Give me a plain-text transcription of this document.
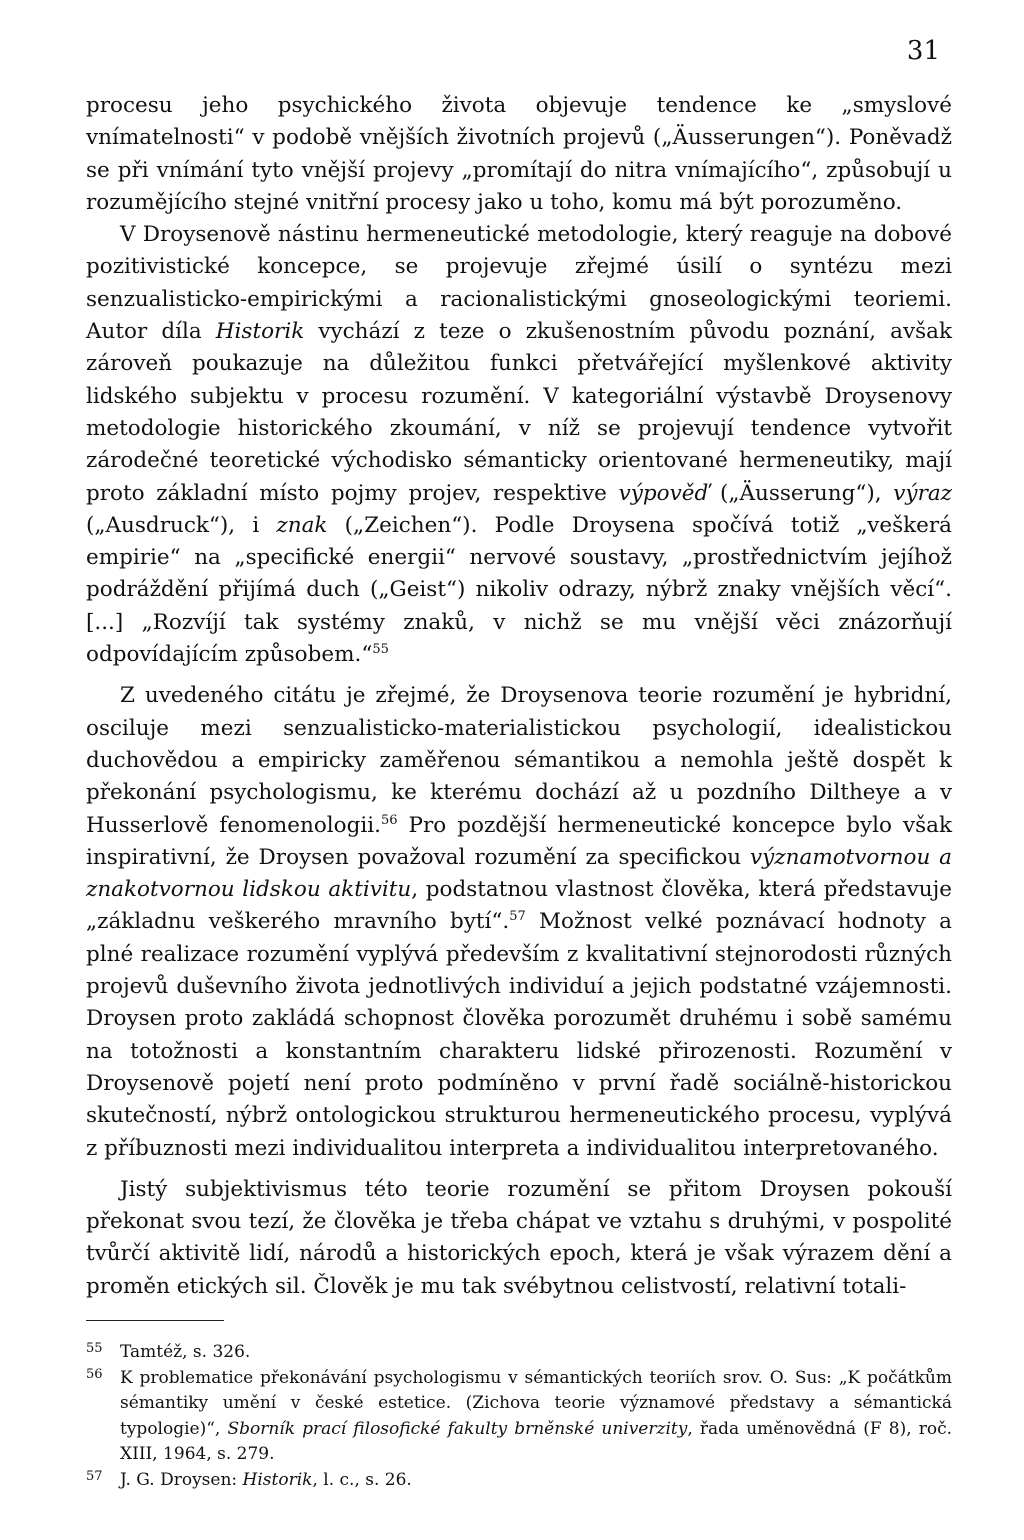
31

procesu jeho psychického života objevuje tendence ke „smyslové vnímatelnosti“ v podobě vnějších životních projevů („Äusserungen“). Poněvadž se při vnímání tyto vnější projevy „promítají do nitra vnímajícího“, způsobují u rozumějícího stejné vnitřní procesy jako u toho, komu má být porozuměno.

V Droysenově nástinu hermeneutické metodologie, který reaguje na dobové pozitivistické koncepce, se projevuje zřejmé úsilí o syntézu mezi senzualisticko-empirickými a racionalistickými gnoseologickými teoriemi. Autor díla Historik vychází z teze o zkušenostním původu poznání, avšak zároveň poukazuje na důležitou funkci přetvářející myšlenkové aktivity lidského subjektu v procesu rozumění. V kategoriální výstavbě Droysenovy metodologie historického zkoumání, v níž se projevují tendence vytvořit zárodečné teoretické východisko sémanticky orientované hermeneutiky, mají proto základní místo pojmy projev, respektive výpověď („Äusserung“), výraz („Ausdruck“), i znak („Zeichen“). Podle Droysena spočívá totiž „veškerá empirie“ na „specifické energii“ nervové soustavy, „prostřednictvím jejíhož podráždění přijímá duch („Geist“) nikoliv odrazy, nýbrž znaky vnějších věcí“.[...] „Rozvíjí tak systémy znaků, v nichž se mu vnější věci znázorňují odpovídajícím způsobem.“$^{55}$

Z uvedeného citátu je zřejmé, že Droysenova teorie rozumění je hybridní, osciluje mezi senzualisticko-materialistickou psychologií, idealistickou duchovědou a empiricky zaměřenou sémantikou a nemohla ještě dospět k překonání psychologismu, ke kterému dochází až u pozdního Diltheye a v Husserlově fenomenologii.$^{56}$ Pro pozdější hermeneutické koncepce bylo však inspirativní, že Droysen považoval rozumění za specifickou významotvornou a znakotvornou lidskou aktivitu, podstatnou vlastnost člověka, která představuje „základnu veškerého mravního bytí“.$^{57}$ Možnost velké poznávací hodnoty a plné realizace rozumění vyplývá především z kvalitativní stejnorodosti různých projevů duševního života jednotlivých individuí a jejich podstatné vzájemnosti. Droysen proto zakládá schopnost člověka porozumět druhému i sobě samému na totožnosti a konstantním charakteru lidské přirozenosti. Rozumění v Droysenově pojetí není proto podmíněno v první řadě sociálně-historickou skutečností, nýbrž ontologickou strukturou hermeneutického procesu, vyplývá z příbuznosti mezi individualitou interpreta a individualitou interpretovaného.

Jistý subjektivismus této teorie rozumění se přitom Droysen pokouší překonat svou tezí, že člověka je třeba chápat ve vztahu s druhými, v pospolité tvůrčí aktivitě lidí, národů a historických epoch, která je však výrazem dění a proměn etických sil. Člověk je mu tak svébytnou celistvostí, relativní totali-

55 Tamtéž, s. 326.
56 K problematice překonávání psychologismu v sémantických teoriích srov. O. Sus: „K počátkům sémantiky umění v české estetice. (Zichova teorie významové představy a sémantická typologie)“, Sborník prací filosofické fakulty brněnské univerzity, řada uměnovědná (F 8), roč. XIII, 1964, s. 279.
57 J. G. Droysen: Historik, l. c., s. 26.
